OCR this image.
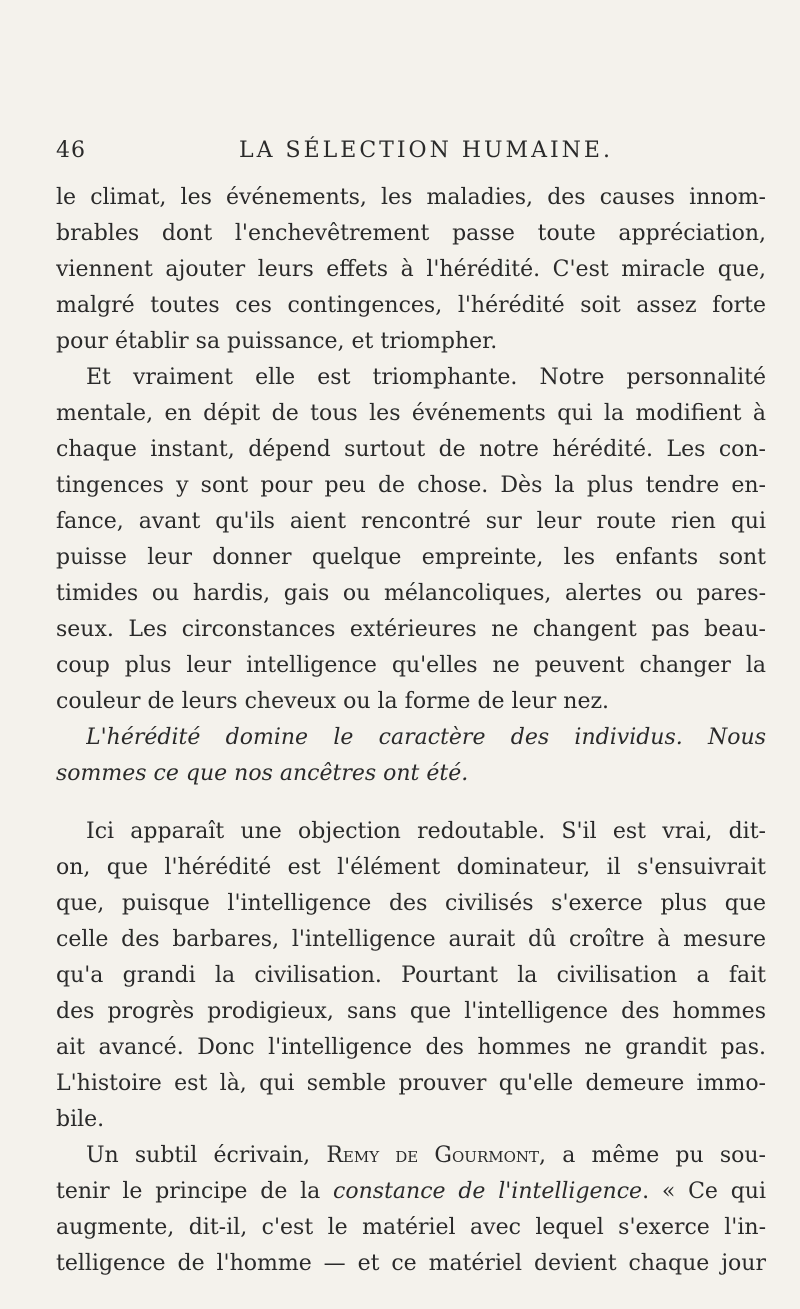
46	LA SÉLECTION HUMAINE.
le climat, les événements, les maladies, des causes innom-
brables dont l'enchevêtrement passe toute appréciation,
viennent ajouter leurs effets à l'hérédité. C'est miracle que,
malgré toutes ces contingences, l'hérédité soit assez forte
pour établir sa puissance, et triompher.
Et vraiment elle est triomphante. Notre personnalité
mentale, en dépit de tous les événements qui la modifient à
chaque instant, dépend surtout de notre hérédité. Les con-
tingences y sont pour peu de chose. Dès la plus tendre en-
fance, avant qu'ils aient rencontré sur leur route rien qui
puisse leur donner quelque empreinte, les enfants sont
timides ou hardis, gais ou mélancoliques, alertes ou pares-
seux. Les circonstances extérieures ne changent pas beau-
coup plus leur intelligence qu'elles ne peuvent changer la
couleur de leurs cheveux ou la forme de leur nez.
L'hérédité domine le caractère des individus. Nous
sommes ce que nos ancêtres ont été.
Ici apparaît une objection redoutable. S'il est vrai, dit-
on, que l'hérédité est l'élément dominateur, il s'ensuivrait
que, puisque l'intelligence des civilisés s'exerce plus que
celle des barbares, l'intelligence aurait dû croître à mesure
qu'a grandi la civilisation. Pourtant la civilisation a fait
des progrès prodigieux, sans que l'intelligence des hommes
ait avancé. Donc l'intelligence des hommes ne grandit pas.
L'histoire est là, qui semble prouver qu'elle demeure immo-
bile.
Un subtil écrivain, Remy de Gourmont, a même pu sou-
tenir le principe de la constance de l'intelligence. « Ce qui
augmente, dit-il, c'est le matériel avec lequel s'exerce l'in-
telligence de l'homme — et ce matériel devient chaque jour
